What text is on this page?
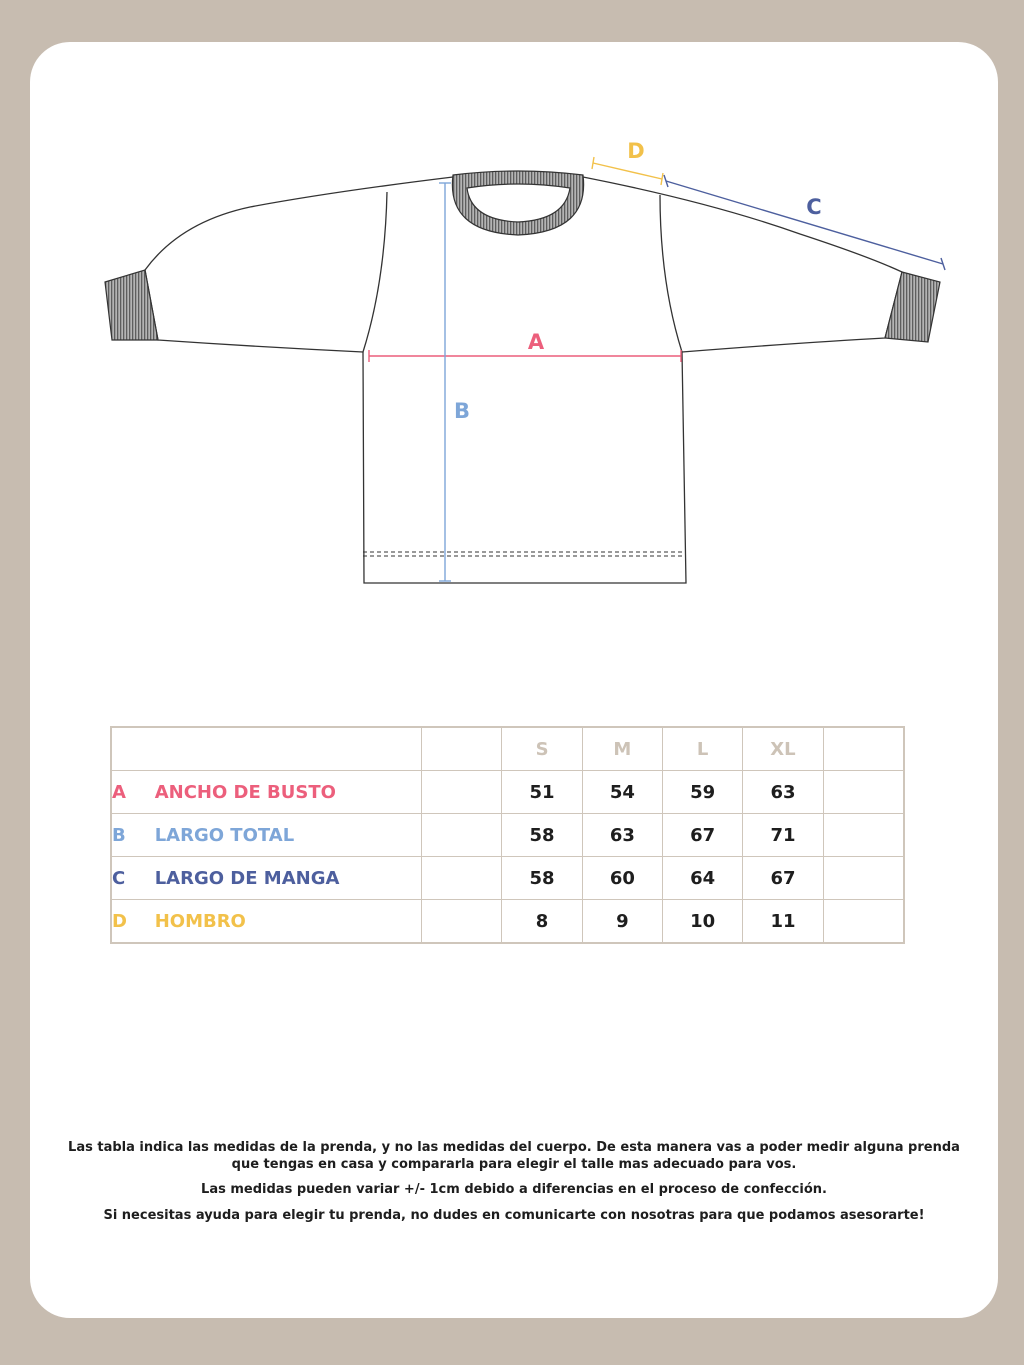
A
B
C
D
			S	M	L	XL	
A	ANCHO DE BUSTO		51	54	59	63	
B	LARGO TOTAL		58	63	67	71	
C	LARGO DE MANGA		58	60	64	67	
D	HOMBRO		8	9	10	11	

Las tabla indica las medidas de la prenda, y no las medidas del cuerpo. De esta manera vas a poder medir alguna prenda que tengas en casa y compararla para elegir el talle mas adecuado para vos.

Las medidas pueden variar +/- 1cm debido a diferencias en el proceso de confección.

Si necesitas ayuda para elegir tu prenda, no dudes en comunicarte con nosotras para que podamos asesorarte!
